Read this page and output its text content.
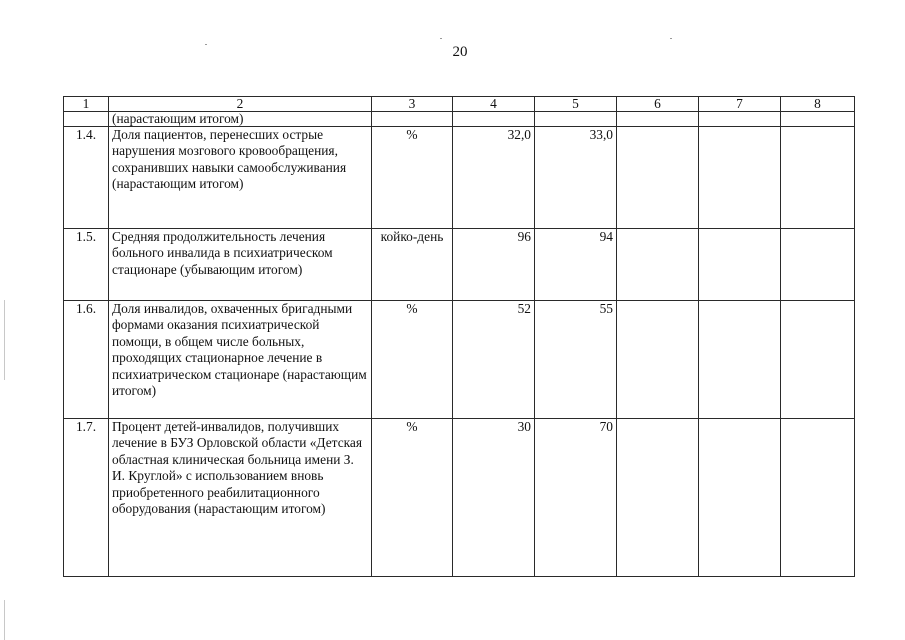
20
1	2	3	4	5	6	7	8
	(нарастающим итогом)						
1.4.	Доля пациентов, перенесших острые нарушения мозгового кровообращения, сохранивших навыки самообслуживания (нарастающим итогом)	%	32,0	33,0			
1.5.	Средняя продолжительность лечения больного инвалида в психиатрическом стационаре (убывающим итогом)	койко-день	96	94			
1.6.	Доля инвалидов, охваченных бригадными формами оказания психиатрической помощи, в общем числе больных, проходящих стационарное лечение в психиатрическом стационаре (нарастающим итогом)	%	52	55			
1.7.	Процент детей-инвалидов, получивших лечение в БУЗ Орловской области «Детская областная клиническая больница имени З. И. Круглой» с использованием вновь приобретенного реабилитационного оборудования (нарастающим итогом)	%	30	70			
